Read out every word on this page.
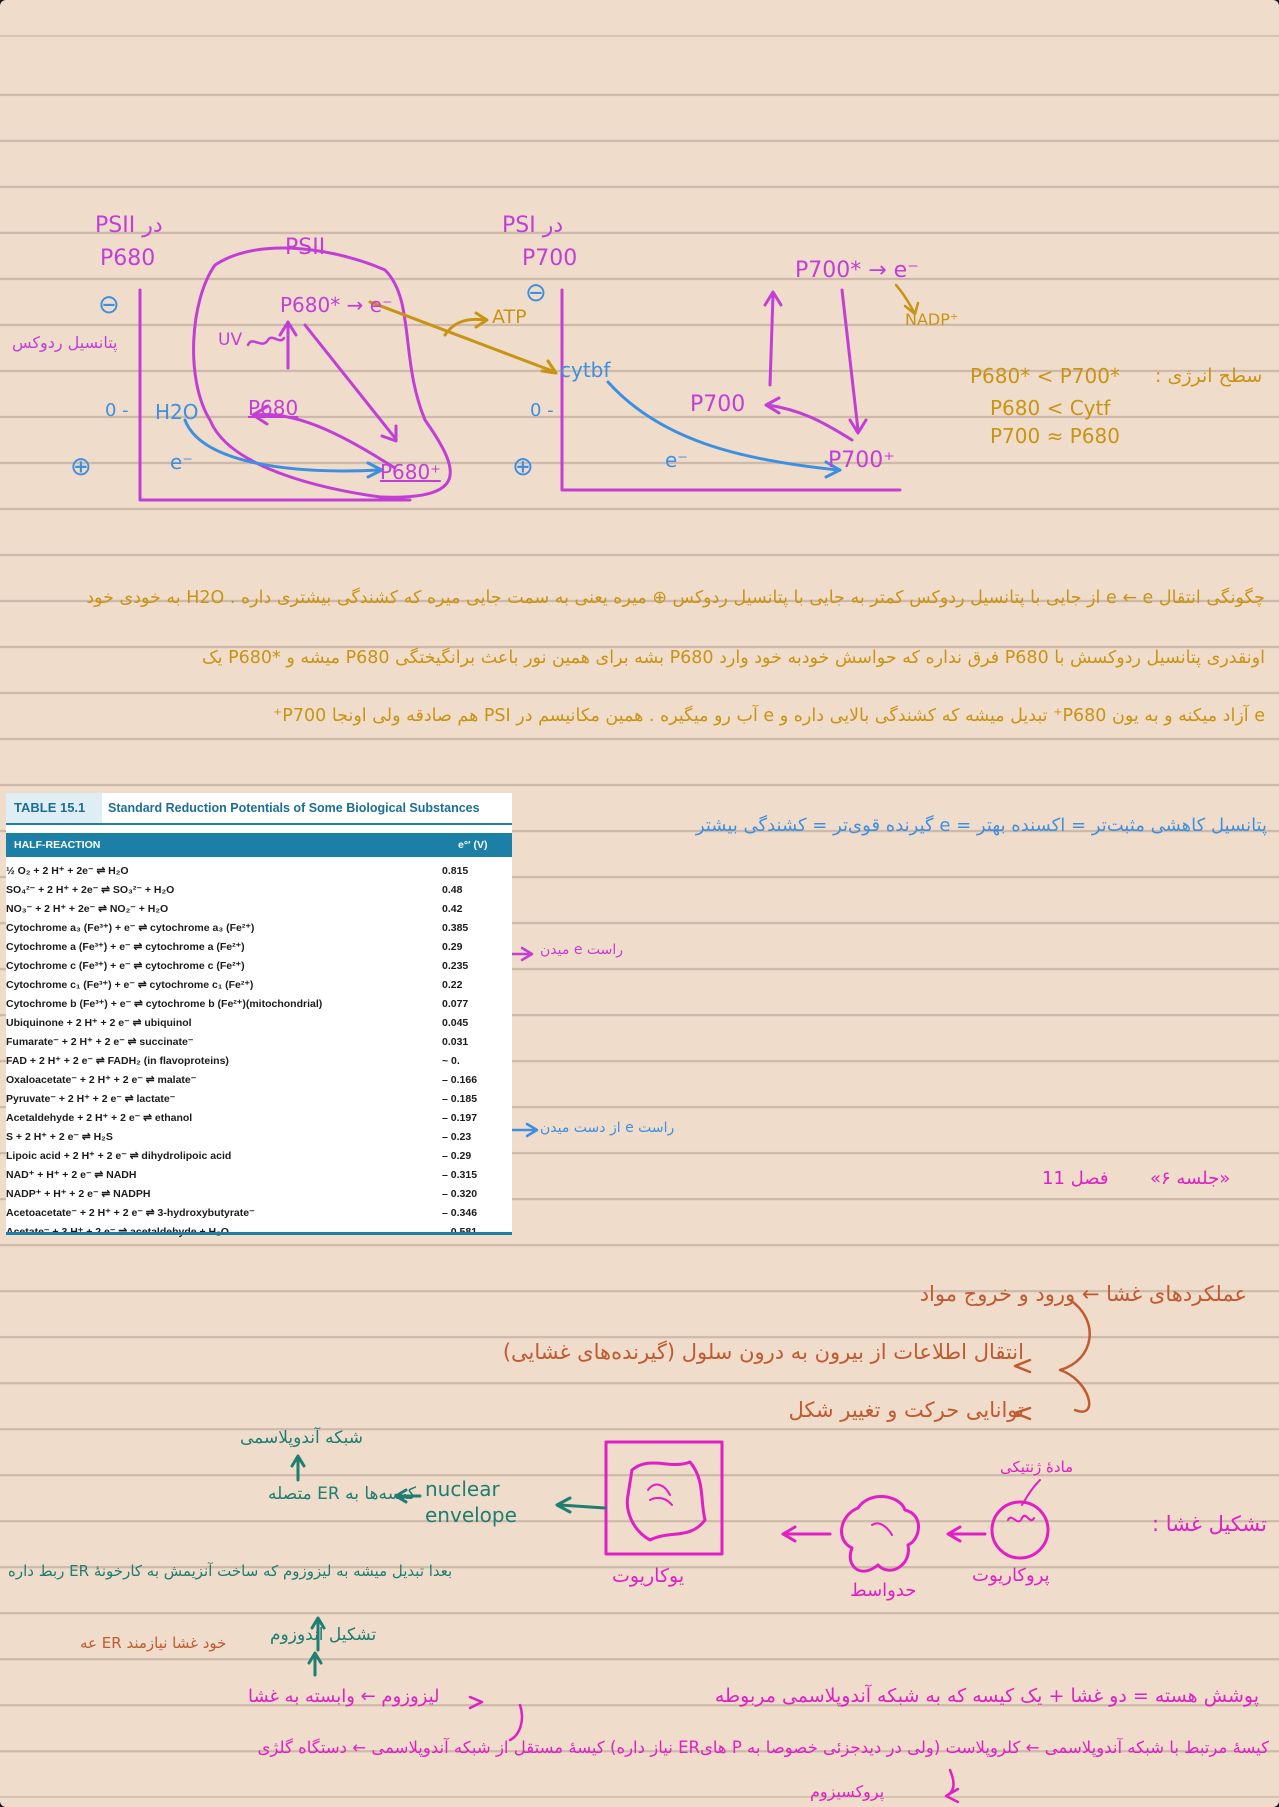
PSII در
P680	PSII
⊖
پتانسیل ردوکس
0 -
⊕
P680* → e⁻
UV
H2O P680
e⁻	P680⁺
ATP
PSI در
P700
⊖
0 -
⊕
cytbf
P700
e⁻	P700⁺
P700* → e⁻
NADP⁺
سطح انرژی :
P680* < P700*
P680 < Cytf
P700 ≈ P680
چگونگی انتقال e ← e از جایی با پتانسیل ردوکس کمتر به جایی با پتانسیل ردوکس ⊕ میره یعنی به سمت جایی میره که کشندگی بیشتری داره . H2O به خودی خود
اونقدری پتانسیل ردوکسش با P680 فرق نداره که حواسش خودبه خود وارد P680 بشه برای همین نور باعث برانگیختگی P680 میشه و *P680 یک
e آزاد میکنه و به یون P680⁺ تبدیل میشه که کشندگی بالایی داره و e آب رو میگیره . همین مکانیسم در PSI هم صادقه ولی اونجا P700⁺
TABLE 15.1	Standard Reduction Potentials of Some Biological Substances
HALF-REACTION	e°′ (V)
½ O₂ + 2 H⁺ + 2e⁻ ⇌ H₂O	0.815
SO₄²⁻ + 2 H⁺ + 2e⁻ ⇌ SO₃²⁻ + H₂O	0.48
NO₃⁻ + 2 H⁺ + 2e⁻ ⇌ NO₂⁻ + H₂O	0.42
Cytochrome a₃ (Fe³⁺) + e⁻ ⇌ cytochrome a₃ (Fe²⁺)	0.385
Cytochrome a (Fe³⁺) + e⁻ ⇌ cytochrome a (Fe²⁺)	0.29
Cytochrome c (Fe³⁺) + e⁻ ⇌ cytochrome c (Fe²⁺)	0.235
Cytochrome c₁ (Fe³⁺) + e⁻ ⇌ cytochrome c₁ (Fe²⁺)	0.22
Cytochrome b (Fe³⁺) + e⁻ ⇌ cytochrome b (Fe²⁺)(mitochondrial)	0.077
Ubiquinone + 2 H⁺ + 2 e⁻ ⇌ ubiquinol	0.045
Fumarate⁻ + 2 H⁺ + 2 e⁻ ⇌ succinate⁻	0.031
FAD + 2 H⁺ + 2 e⁻ ⇌ FADH₂ (in flavoproteins)	~ 0.
Oxaloacetate⁻ + 2 H⁺ + 2 e⁻ ⇌ malate⁻	– 0.166
Pyruvate⁻ + 2 H⁺ + 2 e⁻ ⇌ lactate⁻	– 0.185
Acetaldehyde + 2 H⁺ + 2 e⁻ ⇌ ethanol	– 0.197
S + 2 H⁺ + 2 e⁻ ⇌ H₂S	– 0.23
Lipoic acid + 2 H⁺ + 2 e⁻ ⇌ dihydrolipoic acid	– 0.29
NAD⁺ + H⁺ + 2 e⁻ ⇌ NADH	– 0.315
NADP⁺ + H⁺ + 2 e⁻ ⇌ NADPH	– 0.320
Acetoacetate⁻ + 2 H⁺ + 2 e⁻ ⇌ 3-hydroxybutyrate⁻	– 0.346
پتانسیل کاهشی مثبت‌تر = اکسنده بهتر = e گیرنده قوی‌تر = کشندگی بیشتر
راست e میدن
راست e از دست میدن
«جلسه ۶»
فصل 11
عملکردهای غشا ← ورود و خروج مواد
انتقال اطلاعات از بیرون به درون سلول (گیرنده‌های غشایی)
توانایی حرکت و تغییر شکل
تشکیل غشا :
مادهٔ ژنتیکی
پروکاریوت
حدواسط
یوکاریوت
nuclear envelope
کیسه‌ها به ER متصله
شبکه آندوپلاسمی
بعدا تبدیل میشه به لیزوزوم که ساخت آنزیمش به کارخونهٔ ER ربط داره
تشکیل اندوزوم
خود غشا نیازمند ER عه
لیزوزوم ← وابسته به غشا	پوشش هسته = دو غشا + یک کیسه که به شبکه آندوپلاسمی مربوطه
کیسهٔ مرتبط با شبکه آندوپلاسمی ← کلروپلاست (ولی در دیدجزئی خصوصا به P هایER نیاز داره) کیسهٔ مستقل از شبکه آندوپلاسمی ← دستگاه گلژی
پروکسیزوم
